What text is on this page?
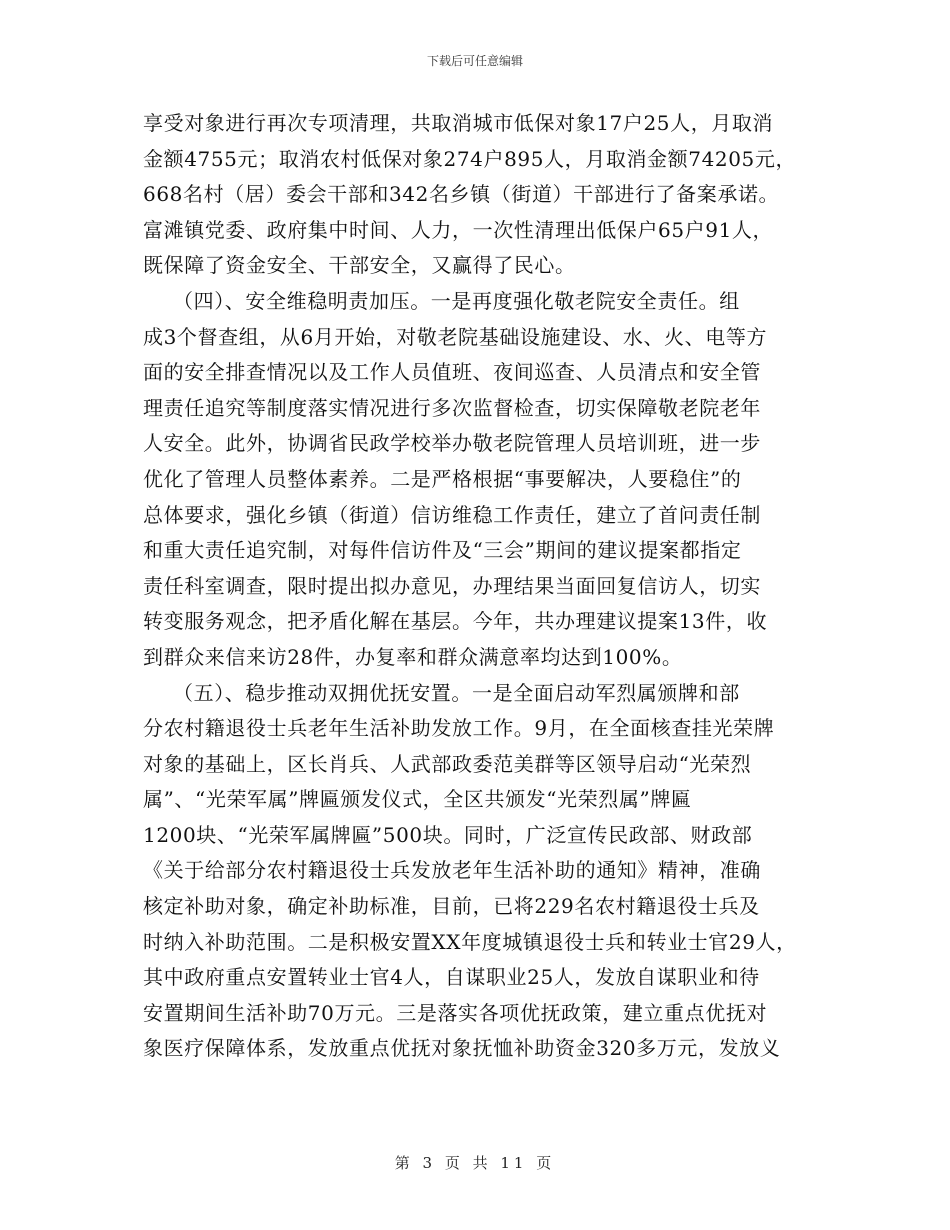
下载后可任意编辑
享受对象进行再次专项清理，共取消城市低保对象17户25人，月取消
金额4755元；取消农村低保对象274户895人，月取消金额74205元，
668名村（居）委会干部和342名乡镇（街道）干部进行了备案承诺。
富滩镇党委、政府集中时间、人力，一次性清理出低保户65户91人，
既保障了资金安全、干部安全，又赢得了民心。
（四）、安全维稳明责加压。一是再度强化敬老院安全责任。组
成3个督查组，从6月开始，对敬老院基础设施建设、水、火、电等方
面的安全排查情况以及工作人员值班、夜间巡查、人员清点和安全管
理责任追究等制度落实情况进行多次监督检查，切实保障敬老院老年
人安全。此外，协调省民政学校举办敬老院管理人员培训班，进一步
优化了管理人员整体素养。二是严格根据“事要解决，人要稳住”的
总体要求，强化乡镇（街道）信访维稳工作责任，建立了首问责任制
和重大责任追究制，对每件信访件及“三会”期间的建议提案都指定
责任科室调查，限时提出拟办意见，办理结果当面回复信访人，切实
转变服务观念，把矛盾化解在基层。今年，共办理建议提案13件，收
到群众来信来访28件，办复率和群众满意率均达到100%。
（五）、稳步推动双拥优抚安置。一是全面启动军烈属颁牌和部
分农村籍退役士兵老年生活补助发放工作。9月，在全面核查挂光荣牌
对象的基础上，区长肖兵、人武部政委范美群等区领导启动“光荣烈
属”、“光荣军属”牌匾颁发仪式，全区共颁发“光荣烈属”牌匾
1200块、“光荣军属牌匾”500块。同时，广泛宣传民政部、财政部
《关于给部分农村籍退役士兵发放老年生活补助的通知》精神，准确
核定补助对象，确定补助标准，目前，已将229名农村籍退役士兵及
时纳入补助范围。二是积极安置XX年度城镇退役士兵和转业士官29人，
其中政府重点安置转业士官4人，自谋职业25人，发放自谋职业和待
安置期间生活补助70万元。三是落实各项优抚政策，建立重点优抚对
象医疗保障体系，发放重点优抚对象抚恤补助资金320多万元，发放义
第 3 页 共 11 页
